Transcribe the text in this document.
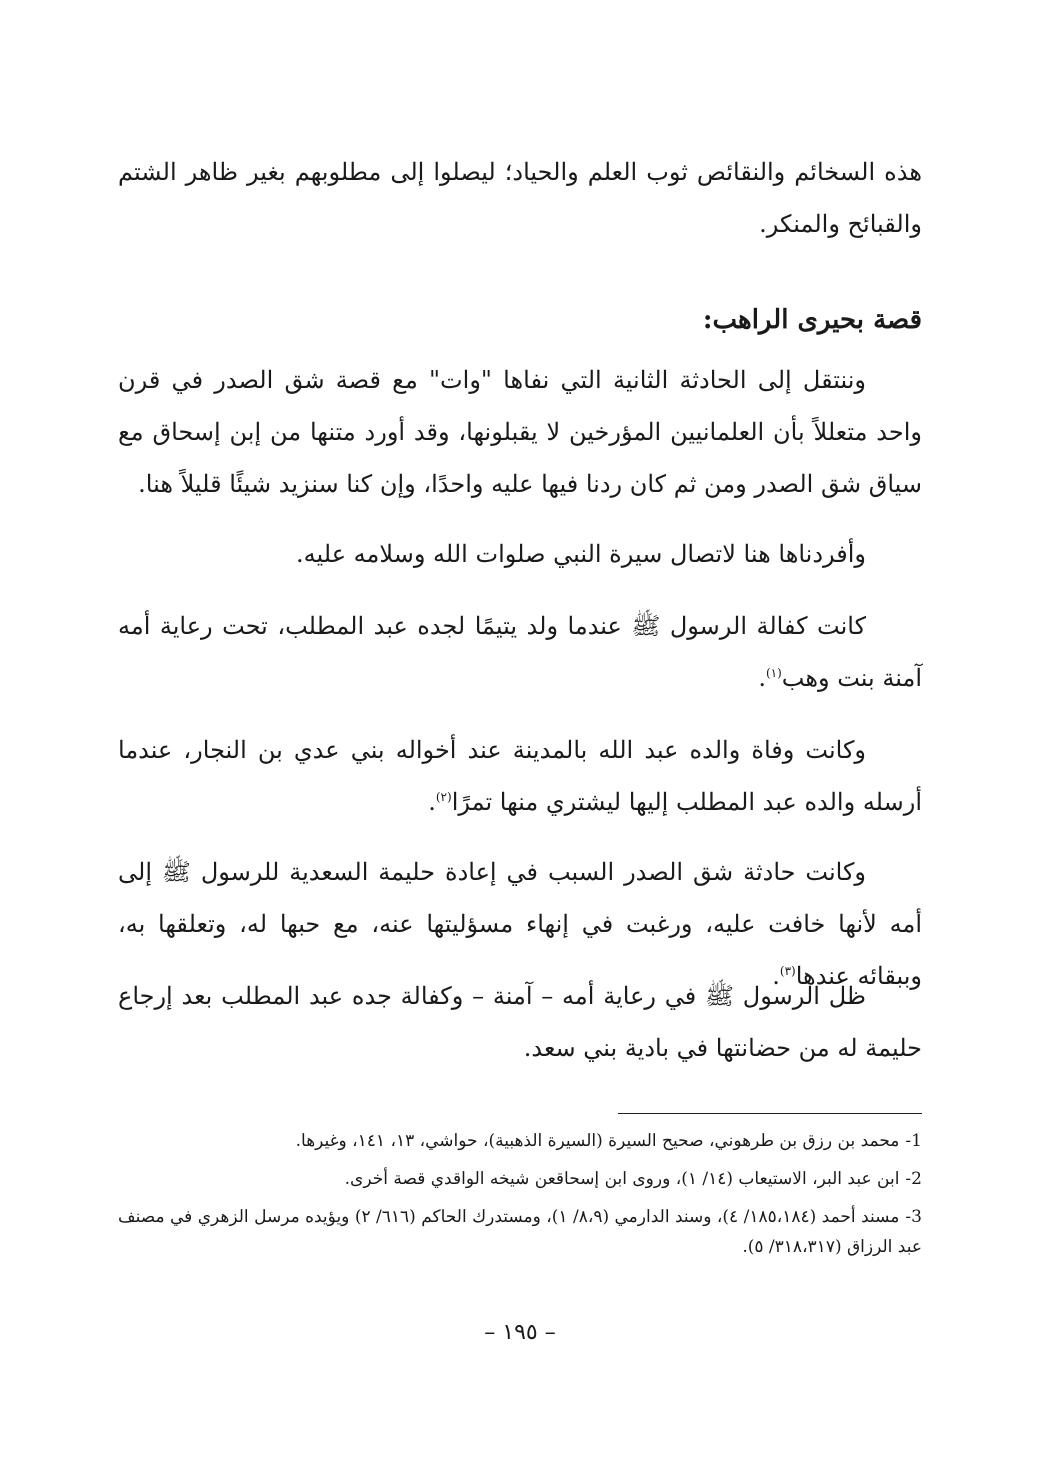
هذه السخائم والنقائص ثوب العلم والحياد؛ ليصلوا إلى مطلوبهم بغير ظاهر الشتم والقبائح والمنكر.

قصة بحيرى الراهب:

وننتقل إلى الحادثة الثانية التي نفاها "وات" مع قصة شق الصدر في قرن واحد متعللاً بأن العلمانيين المؤرخين لا يقبلونها، وقد أورد متنها من إبن إسحاق مع سياق شق الصدر ومن ثم كان ردنا فيها عليه واحدًا، وإن كنا سنزيد شيئًا قليلاً هنا.

وأفردناها هنا لاتصال سيرة النبي صلوات الله وسلامه عليه.

كانت كفالة الرسول ﷺ عندما ولد يتيمًا لجده عبد المطلب، تحت رعاية أمه آمنة بنت وهب$^{(١)}$.

وكانت وفاة والده عبد الله بالمدينة عند أخواله بني عدي بن النجار، عندما أرسله والده عبد المطلب إليها ليشتري منها تمرًا$^{(٢)}$.

وكانت حادثة شق الصدر السبب في إعادة حليمة السعدية للرسول ﷺ إلى أمه لأنها خافت عليه، ورغبت في إنهاء مسؤليتها عنه، مع حبها له، وتعلقها به، وببقائه عندها$^{(٣)}$.

ظل الرسول ﷺ في رعاية أمه – آمنة – وكفالة جده عبد المطلب بعد إرجاع حليمة له من حضانتها في بادية بني سعد.

1-محمد بن رزق بن طرهوني، صحيح السيرة (السيرة الذهبية)، حواشي، ١٣، ١٤١، وغيرها.

2-ابن عبد البر، الاستيعاب (١٤/ ١)، وروى ابن إسحاقعن شيخه الواقدي قصة أخرى.

3-مسند أحمد (١٨٥،١٨٤/ ٤)، وسند الدارمي (٨،٩/ ١)، ومستدرك الحاكم (٦١٦/ ٢) ويؤيده مرسل الزهري في مصنف عبد الرزاق (٣١٨،٣١٧/ ٥).

– ١٩٥ –
